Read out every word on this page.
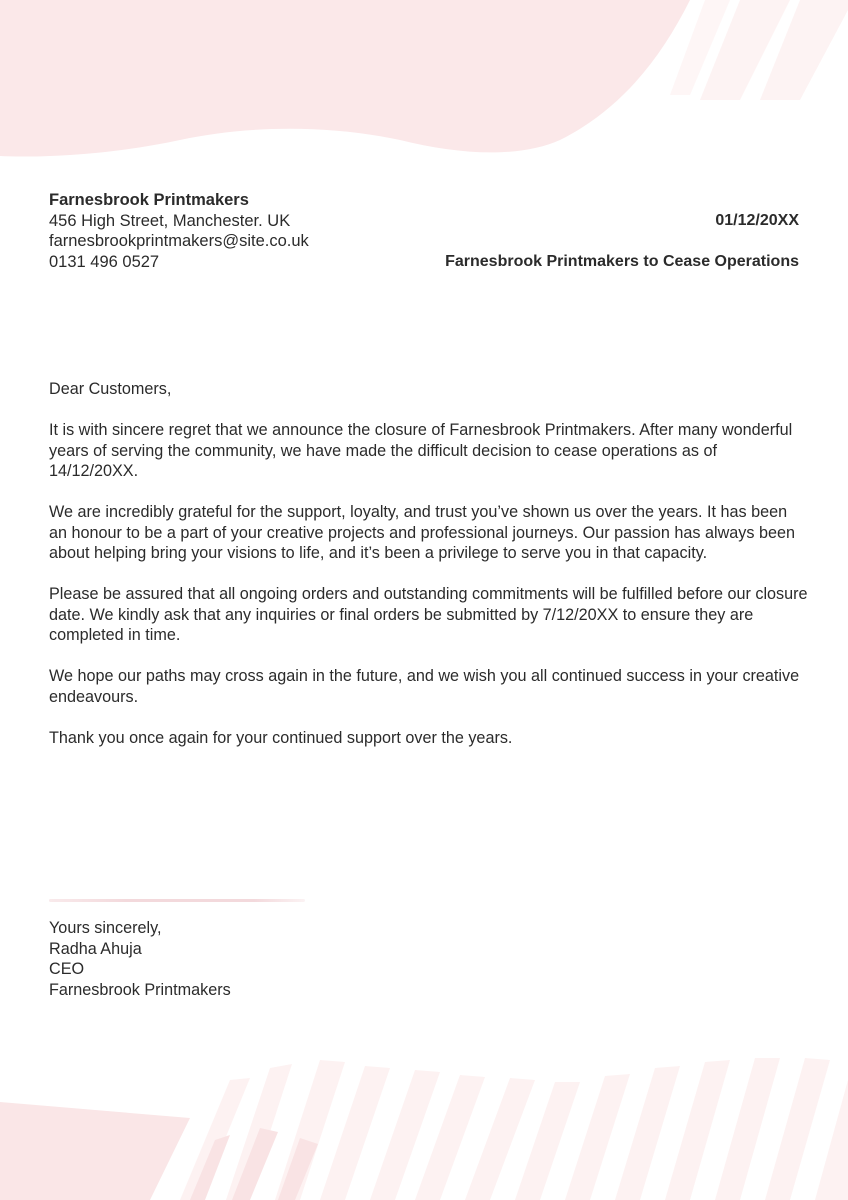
Farnesbrook Printmakers
456 High Street, Manchester. UK
farnesbrookprintmakers@site.co.uk
0131 496 0527
01/12/20XX
Farnesbrook Printmakers to Cease Operations

Dear Customers,

It is with sincere regret that we announce the closure of Farnesbrook Printmakers. After many wonderful years of serving the community, we have made the difficult decision to cease operations as of 14/12/20XX.

We are incredibly grateful for the support, loyalty, and trust you’ve shown us over the years. It has been an honour to be a part of your creative projects and professional journeys. Our passion has always been about helping bring your visions to life, and it’s been a privilege to serve you in that capacity.

Please be assured that all ongoing orders and outstanding commitments will be fulfilled before our closure date. We kindly ask that any inquiries or final orders be submitted by 7/12/20XX to ensure they are completed in time.

We hope our paths may cross again in the future, and we wish you all continued success in your creative endeavours.

Thank you once again for your continued support over the years.

Yours sincerely,
Radha Ahuja
CEO
Farnesbrook Printmakers
